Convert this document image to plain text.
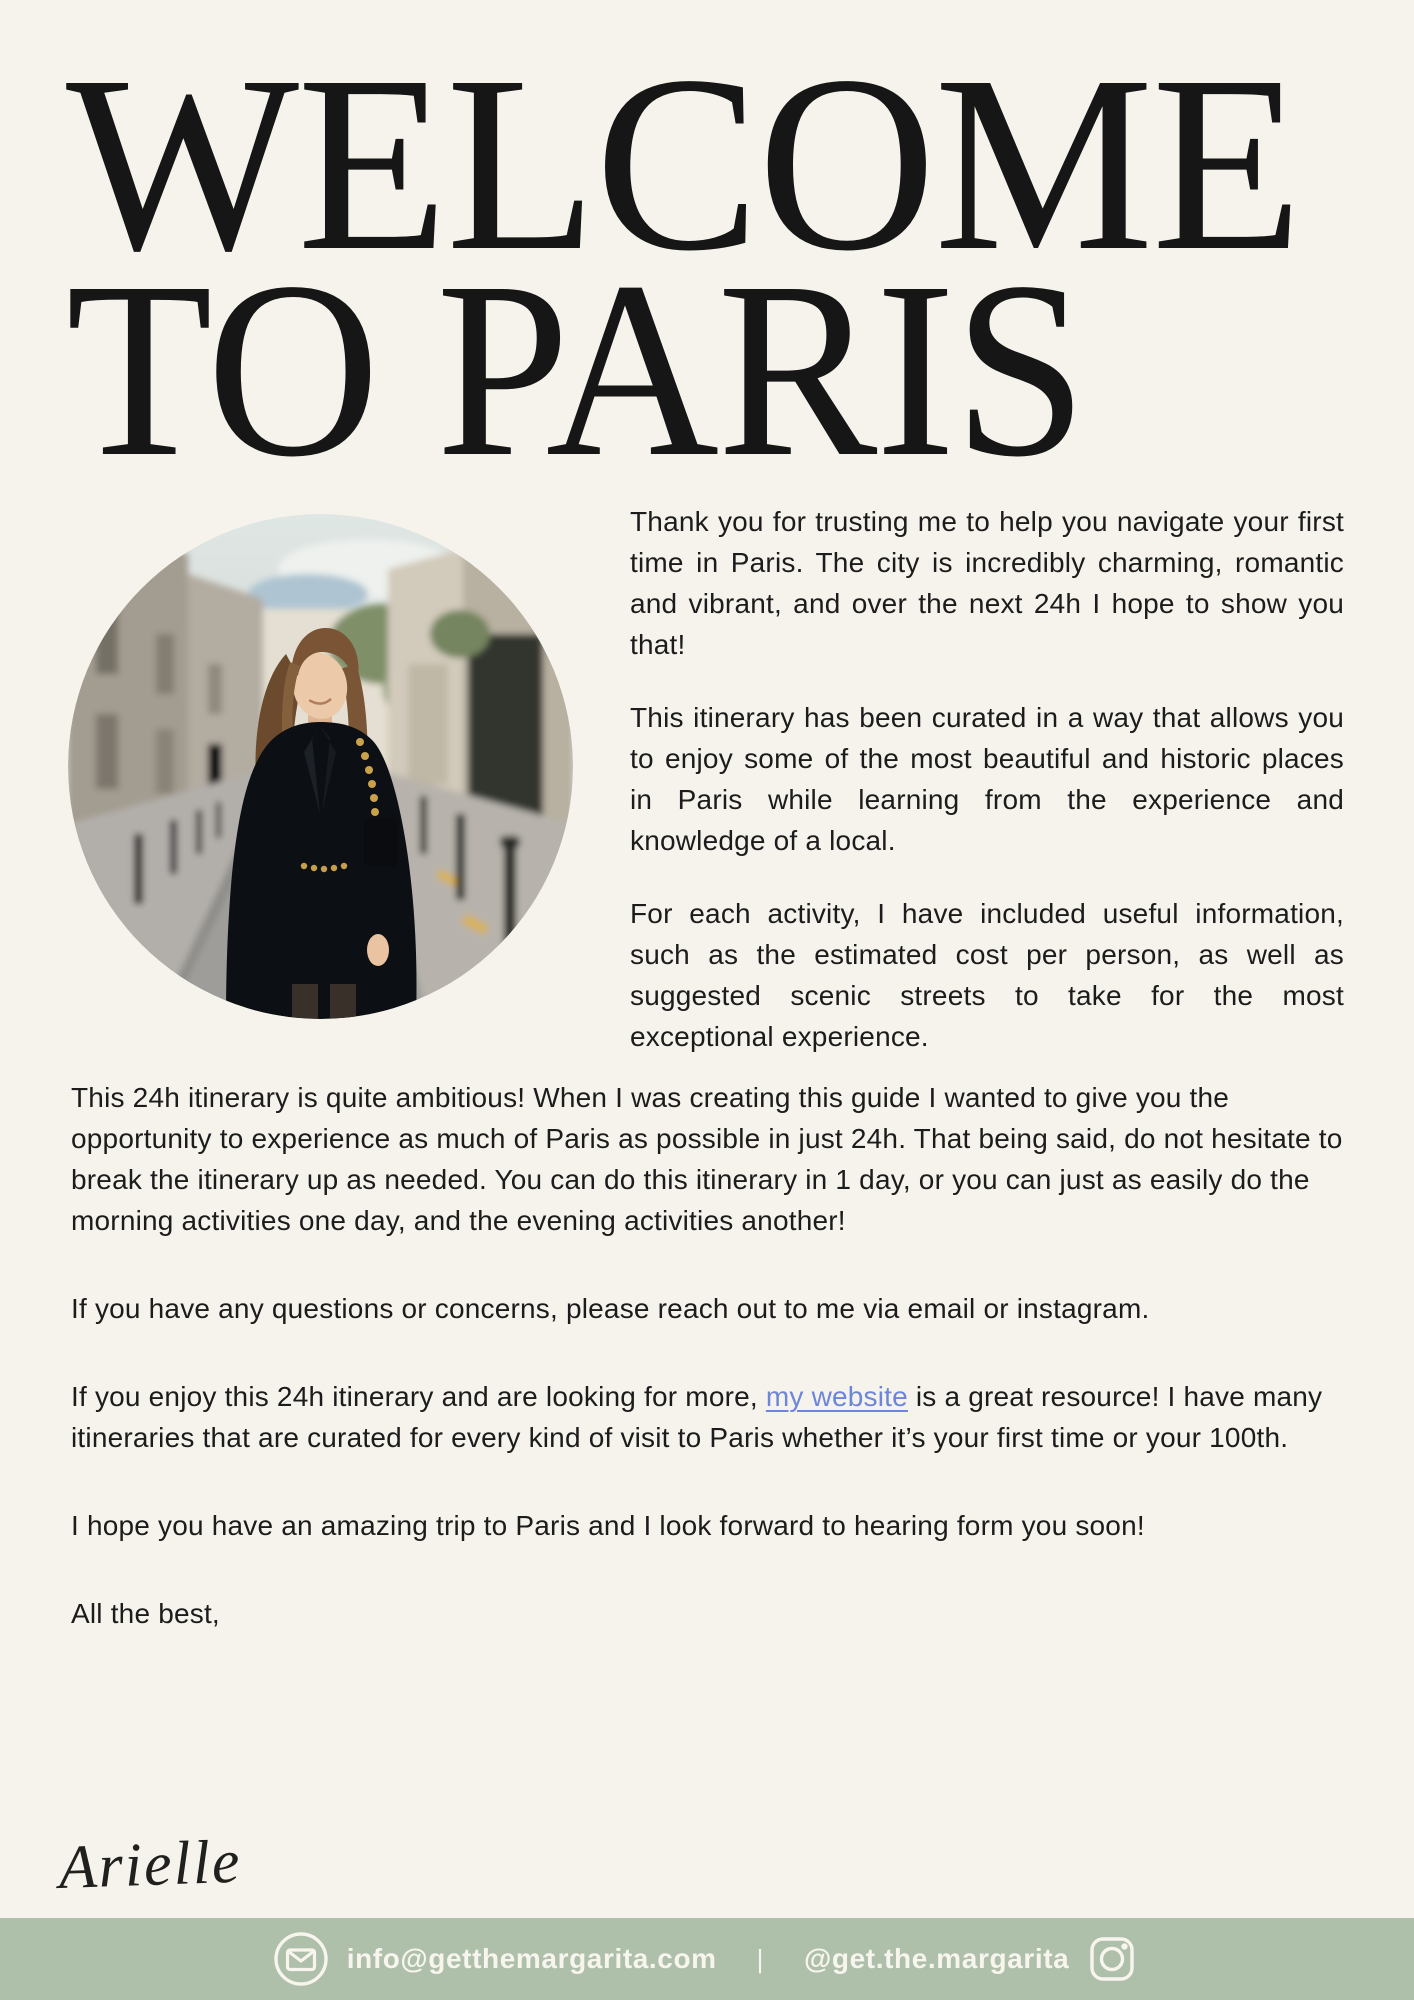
WELCOME
TO PARIS

Thank you for trusting me to help you navigate your first time in Paris. The city is incredibly charming, romantic and vibrant, and over the next 24h I hope to show you that!

This itinerary has been curated in a way that allows you to enjoy some of the most beautiful and historic places in Paris while learning from the experience and knowledge of a local.

For each activity, I have included useful information, such as the estimated cost per person, as well as suggested scenic streets to take for the most exceptional experience.

This 24h itinerary is quite ambitious! When I was creating this guide I wanted to give you the opportunity to experience as much of Paris as possible in just 24h. That being said, do not hesitate to break the itinerary up as needed. You can do this itinerary in 1 day, or you can just as easily do the morning activities one day, and the evening activities another!

If you have any questions or concerns, please reach out to me via email or instagram.

If you enjoy this 24h itinerary and are looking for more, my website is a great resource! I have many itineraries that are curated for every kind of visit to Paris whether it’s your first time or your 100th.

I hope you have an amazing trip to Paris and I look forward to hearing form you soon!

All the best,

Arielle
info@getthemargarita.com | @get.the.margarita
